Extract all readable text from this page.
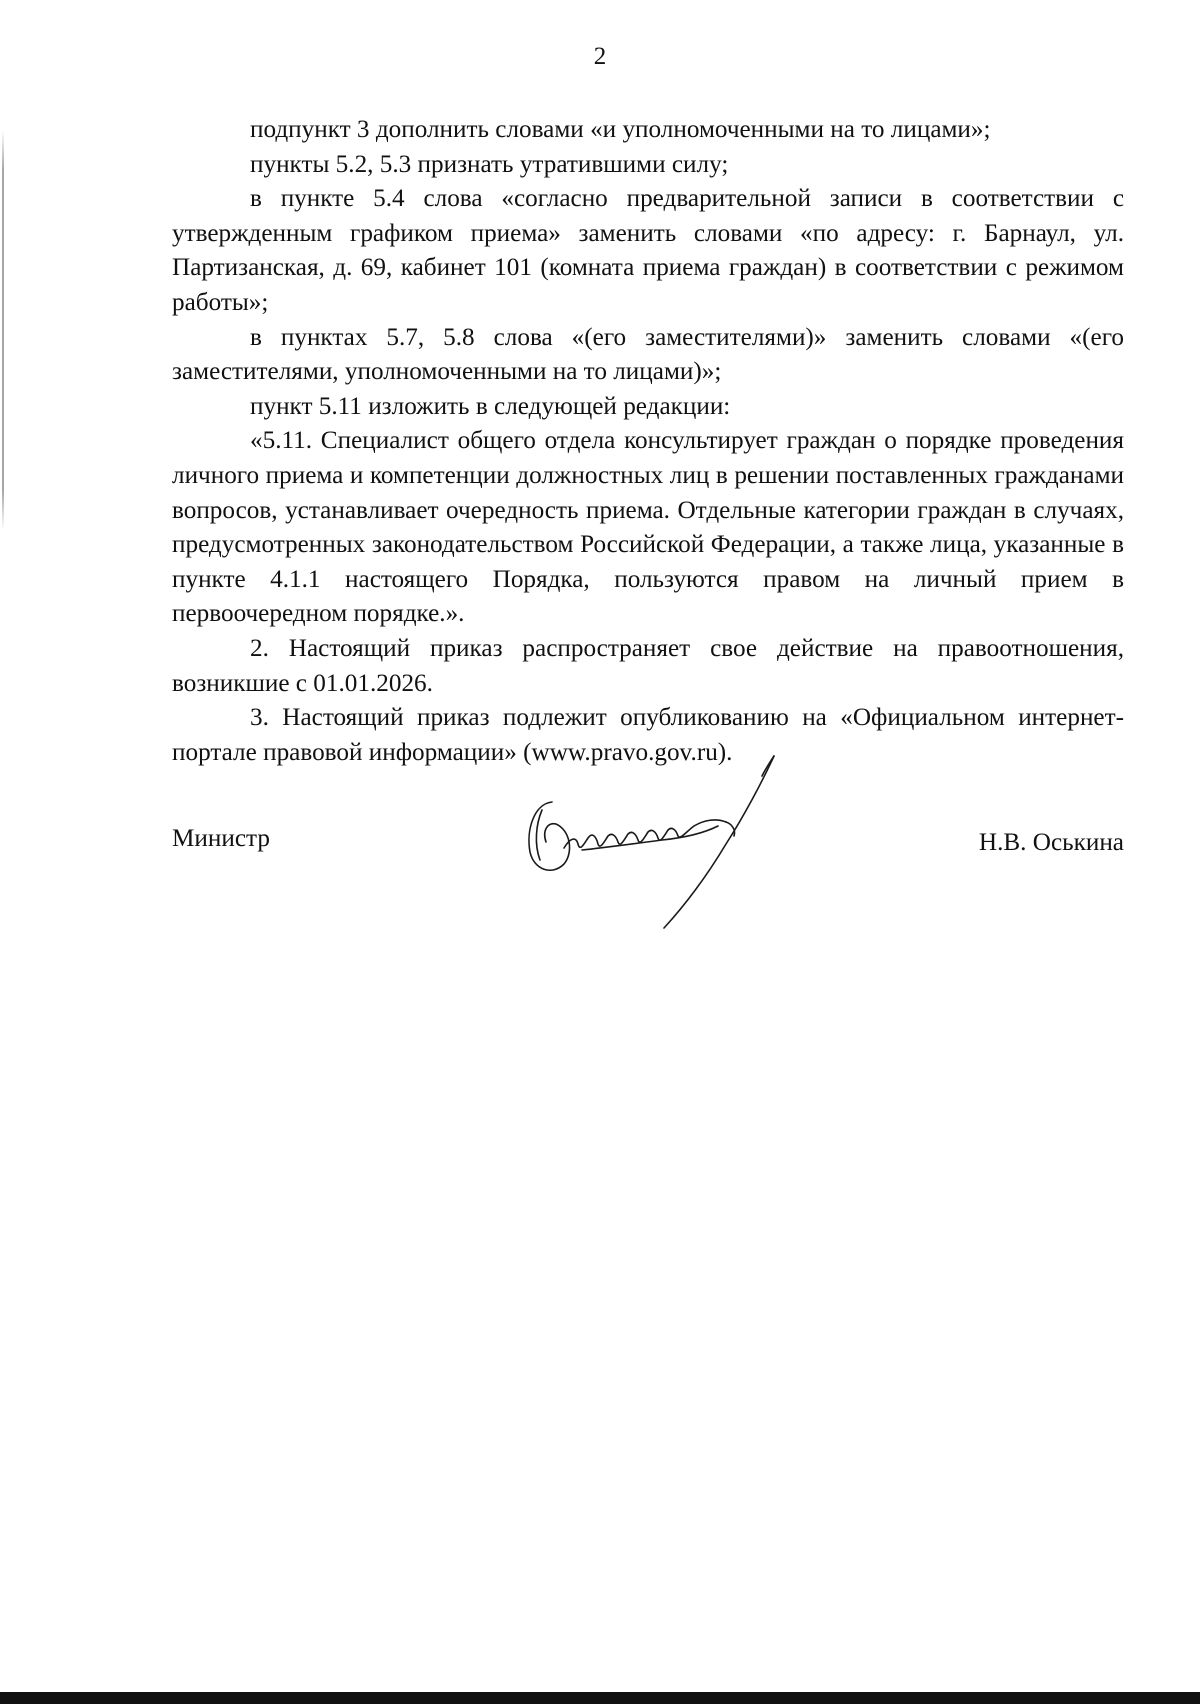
2

подпункт 3 дополнить словами «и уполномоченными на то лицами»;

пункты 5.2, 5.3 признать утратившими силу;

в пункте 5.4 слова «согласно предварительной записи в соответствии с утвержденным графиком приема» заменить словами «по адресу: г. Барнаул, ул. Партизанская, д. 69, кабинет 101 (комната приема граждан) в соответствии с режимом работы»;

в пунктах 5.7, 5.8 слова «(его заместителями)» заменить словами «(его заместителями, уполномоченными на то лицами)»;

пункт 5.11 изложить в следующей редакции:

«5.11. Специалист общего отдела консультирует граждан о порядке проведения личного приема и компетенции должностных лиц в решении поставленных гражданами вопросов, устанавливает очередность приема. Отдельные категории граждан в случаях, предусмотренных законодательством Российской Федерации, а также лица, указанные в пункте 4.1.1 настоящего Порядка, пользуются правом на личный прием в первоочередном порядке.».

2. Настоящий приказ распространяет свое действие на правоотношения, возникшие с 01.01.2026.

3. Настоящий приказ подлежит опубликованию на «Официальном интернет-портале правовой информации» (www.pravo.gov.ru).

Министр	Н.В. Оськина
